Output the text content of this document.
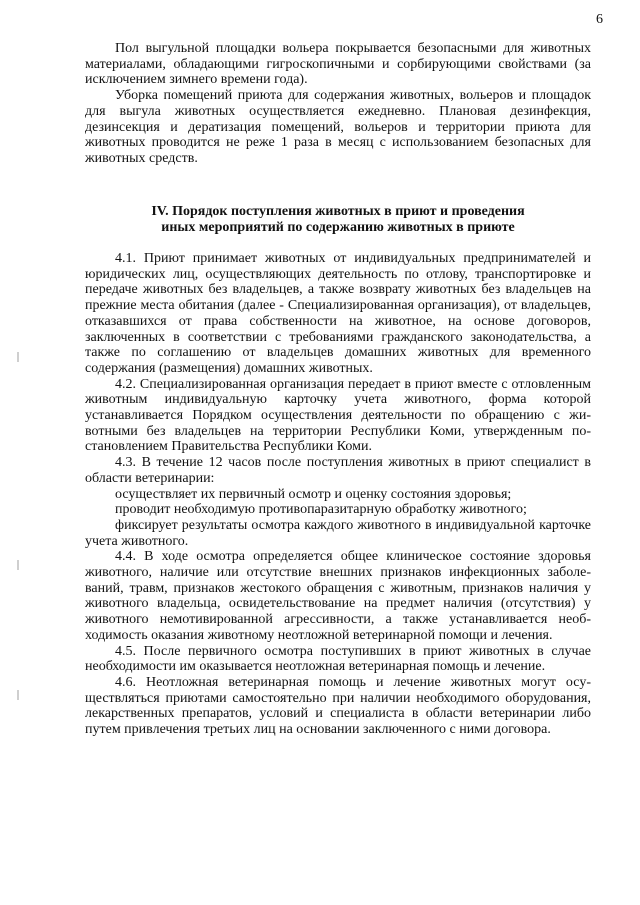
6

Пол выгульной площадки вольера покрывается безопасными для животных материалами, обладающими гигроскопичными и сорбирующими свойствами (за исключением зимнего времени года).

Уборка помещений приюта для содержания животных, вольеров и площадок для выгула животных осуществляется ежедневно. Плановая дезинфекция, дезинсекция и дератизация помещений, вольеров и территории приюта для животных проводится не реже 1 раза в месяц с использованием безопасных для животных средств.

IV. Порядок поступления животных в приют и проведения
иных мероприятий по содержанию животных в приюте

4.1. Приют принимает животных от индивидуальных предпринимателей и юридических лиц, осуществляющих деятельность по отлову, транспортировке и передаче животных без владельцев, а также возврату животных без владельцев на прежние места обитания (далее - Специализированная организация), от владельцев, отказавшихся от права собственности на животное, на основе договоров, заключенных в соответствии с требованиями гражданского законодательства, а также по соглашению от владельцев домашних животных для временного содержания (размещения) домашних животных.

4.2. Специализированная организация передает в приют вместе с отловленным животным индивидуальную карточку учета животного, форма которой устанавливается Порядком осуществления деятельности по обращению с животными без владельцев на территории Республики Коми, утвержденным постановлением Правительства Республики Коми.

4.3. В течение 12 часов после поступления животных в приют специалист в области ветеринарии:

осуществляет их первичный осмотр и оценку состояния здоровья;

проводит необходимую противопаразитарную обработку животного;

фиксирует результаты осмотра каждого животного в индивидуальной карточке учета животного.

4.4. В ходе осмотра определяется общее клиническое состояние здоровья животного, наличие или отсутствие внешних признаков инфекционных заболеваний, травм, признаков жестокого обращения с животным, признаков наличия у животного владельца, освидетельствование на предмет наличия (отсутствия) у животного немотивированной агрессивности, а также устанавливается необходимость оказания животному неотложной ветеринарной помощи и лечения.

4.5. После первичного осмотра поступивших в приют животных в случае необходимости им оказывается неотложная ветеринарная помощь и лечение.

4.6. Неотложная ветеринарная помощь и лечение животных могут осуществляться приютами самостоятельно при наличии необходимого оборудования, лекарственных препаратов, условий и специалиста в области ветеринарии либо путем привлечения третьих лиц на основании заключенного с ними договора.
